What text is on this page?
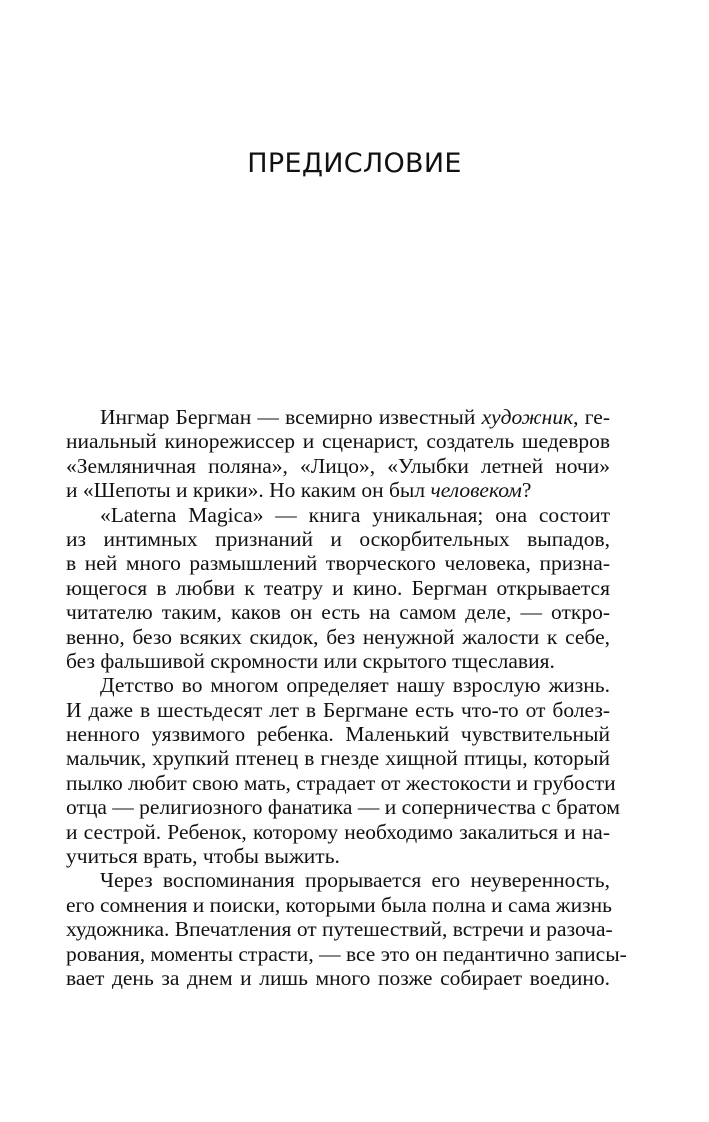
ПРЕДИСЛОВИЕ
Ингмар Бергман — всемирно известный художник, ге-
ниальный кинорежиссер и сценарист, создатель шедевров
«Земляничная поляна», «Лицо», «Улыбки летней ночи»
и «Шепоты и крики». Но каким он был человеком?
«Laterna Magica» — книга уникальная; она состоит
из интимных признаний и оскорбительных выпадов,
в ней много размышлений творческого человека, призна-
ющегося в любви к театру и кино. Бергман открывается
читателю таким, каков он есть на самом деле, — откро-
венно, безо всяких скидок, без ненужной жалости к себе,
без фальшивой скромности или скрытого тщеславия.
Детство во многом определяет нашу взрослую жизнь.
И даже в шестьдесят лет в Бергмане есть что-то от болез-
ненного уязвимого ребенка. Маленький чувствительный
мальчик, хрупкий птенец в гнезде хищной птицы, который
пылко любит свою мать, страдает от жестокости и грубости
отца — религиозного фанатика — и соперничества с братом
и сестрой. Ребенок, которому необходимо закалиться и на-
учиться врать, чтобы выжить.
Через воспоминания прорывается его неуверенность,
его сомнения и поиски, которыми была полна и сама жизнь
художника. Впечатления от путешествий, встречи и разоча-
рования, моменты страсти, — все это он педантично записы-
вает день за днем и лишь много позже собирает воедино.
